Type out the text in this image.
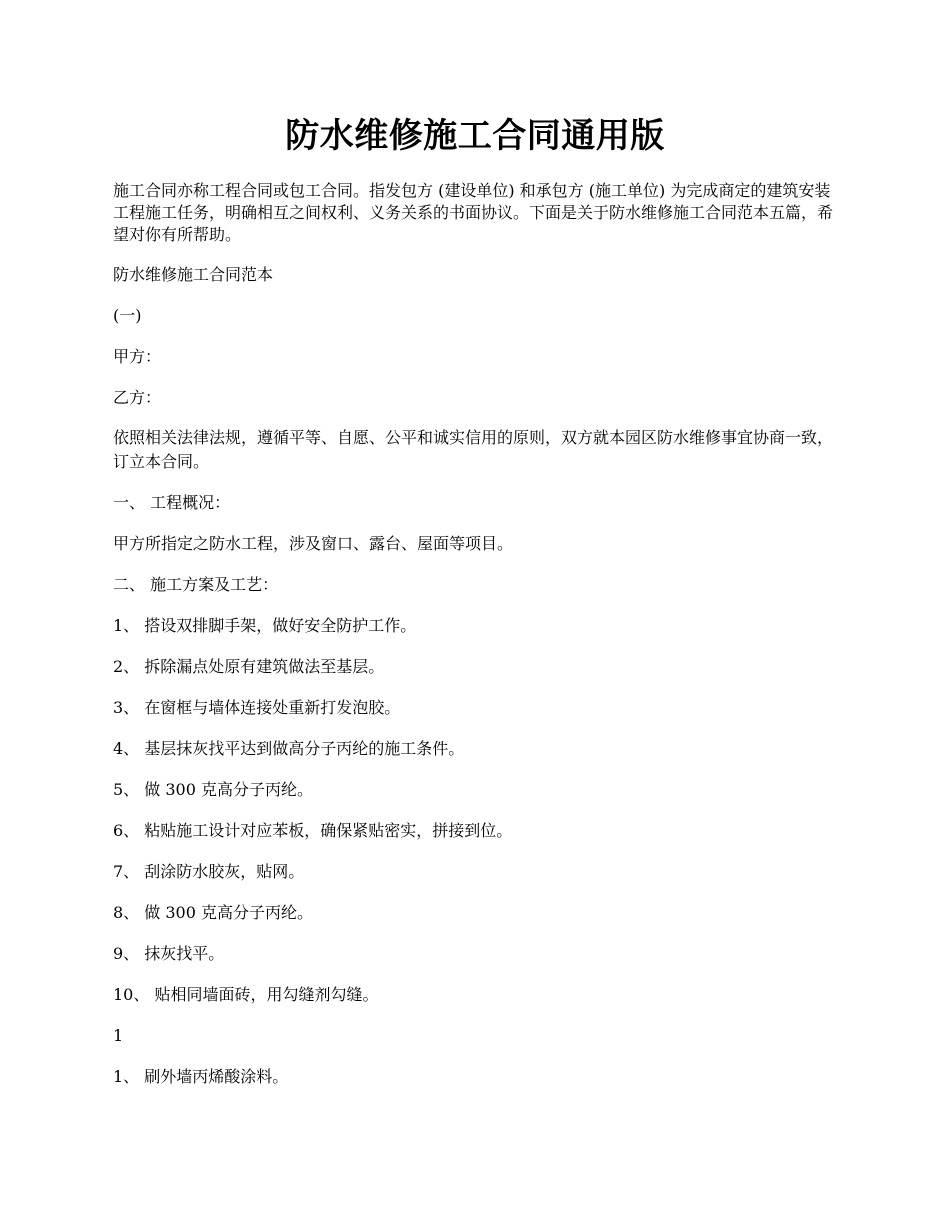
防水维修施工合同通用版

施工合同亦称工程合同或包工合同。指发包方 (建设单位) 和承包方 (施工单位) 为完成商定的建筑安装工程施工任务，明确相互之间权利、义务关系的书面协议。下面是关于防水维修施工合同范本五篇，希望对你有所帮助。

防水维修施工合同范本

(一)

甲方：

乙方：

依照相关法律法规，遵循平等、自愿、公平和诚实信用的原则，双方就本园区防水维修事宜协商一致，订立本合同。

一、 工程概况：

甲方所指定之防水工程，涉及窗口、露台、屋面等项目。

二、 施工方案及工艺：

1、 搭设双排脚手架，做好安全防护工作。

2、 拆除漏点处原有建筑做法至基层。

3、 在窗框与墙体连接处重新打发泡胶。

4、 基层抹灰找平达到做高分子丙纶的施工条件。

5、 做 300 克高分子丙纶。

6、 粘贴施工设计对应苯板，确保紧贴密实，拼接到位。

7、 刮涂防水胶灰，贴网。

8、 做 300 克高分子丙纶。

9、 抹灰找平。

10、 贴相同墙面砖，用勾缝剂勾缝。

1

1、 刷外墙丙烯酸涂料。
